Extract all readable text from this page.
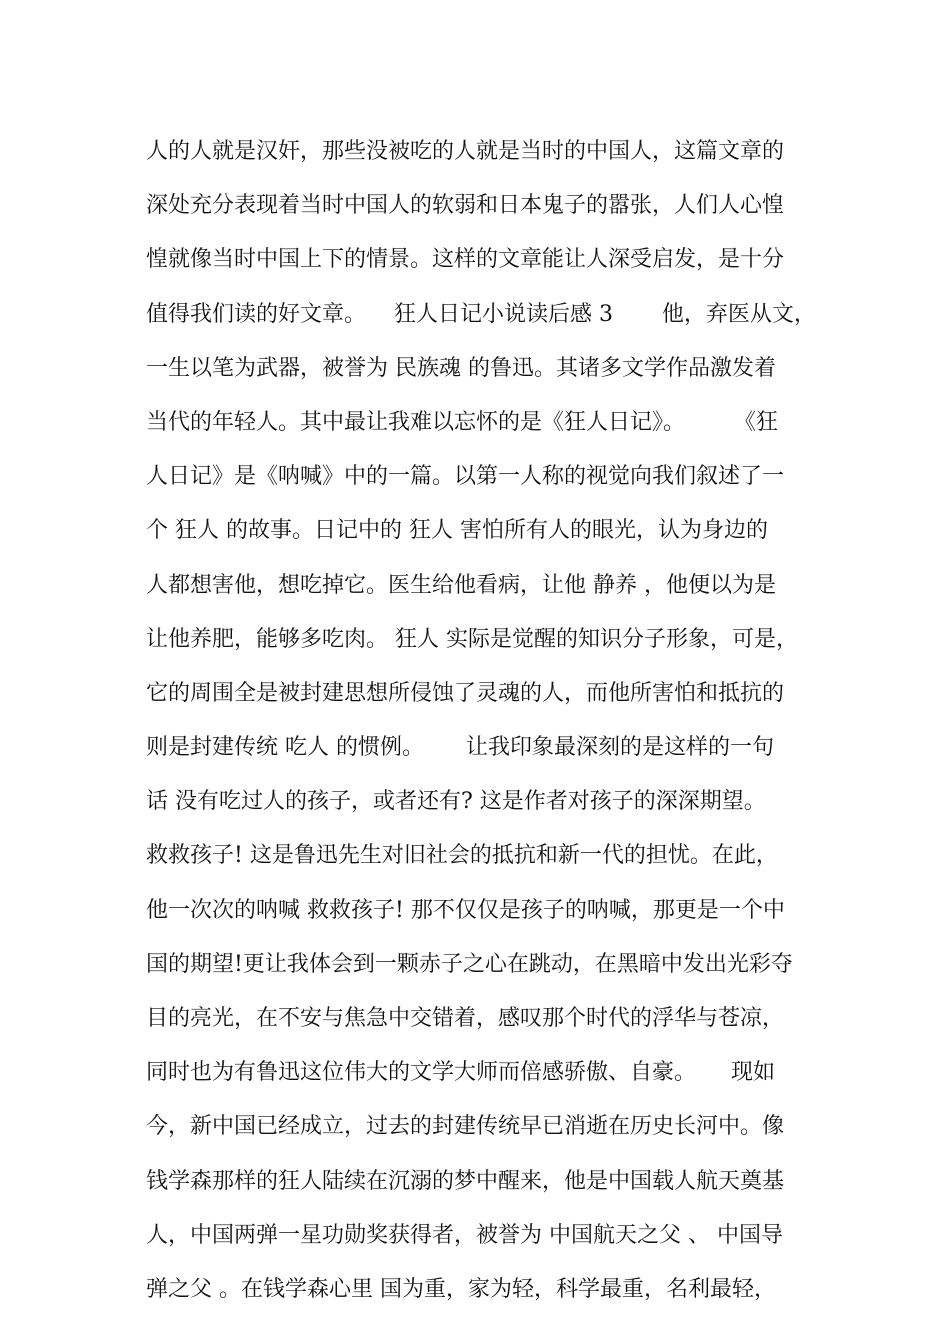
人的人就是汉奸，那些没被吃的人就是当时的中国人，这篇文章的
深处充分表现着当时中国人的软弱和日本鬼子的嚣张，人们人心惶
惶就像当时中国上下的情景。这样的文章能让人深受启发，是十分
值得我们读的好文章。    狂人日记小说读后感 3       他，弃医从文，
一生以笔为武器，被誉为 民族魂 的鲁迅。其诸多文学作品激发着
当代的年轻人。其中最让我难以忘怀的是《狂人日记》。       《狂
人日记》是《呐喊》中的一篇。以第一人称的视觉向我们叙述了一
个 狂人 的故事。日记中的 狂人 害怕所有人的眼光，认为身边的
人都想害他，想吃掉它。医生给他看病，让他 静养 ，他便以为是
让他养肥，能够多吃肉。 狂人 实际是觉醒的知识分子形象，可是，
它的周围全是被封建思想所侵蚀了灵魂的人，而他所害怕和抵抗的
则是封建传统 吃人 的惯例。      让我印象最深刻的是这样的一句
话 没有吃过人的孩子，或者还有? 这是作者对孩子的深深期望。
救救孩子! 这是鲁迅先生对旧社会的抵抗和新一代的担忧。在此，
他一次次的呐喊 救救孩子! 那不仅仅是孩子的呐喊，那更是一个中
国的期望!更让我体会到一颗赤子之心在跳动，在黑暗中发出光彩夺
目的亮光，在不安与焦急中交错着，感叹那个时代的浮华与苍凉，
同时也为有鲁迅这位伟大的文学大师而倍感骄傲、自豪。     现如
今，新中国已经成立，过去的封建传统早已消逝在历史长河中。像
钱学森那样的狂人陆续在沉溺的梦中醒来，他是中国载人航天奠基
人，中国两弹一星功勋奖获得者，被誉为 中国航天之父 、 中国导
弹之父 。在钱学森心里 国为重，家为轻，科学最重，名利最轻，
